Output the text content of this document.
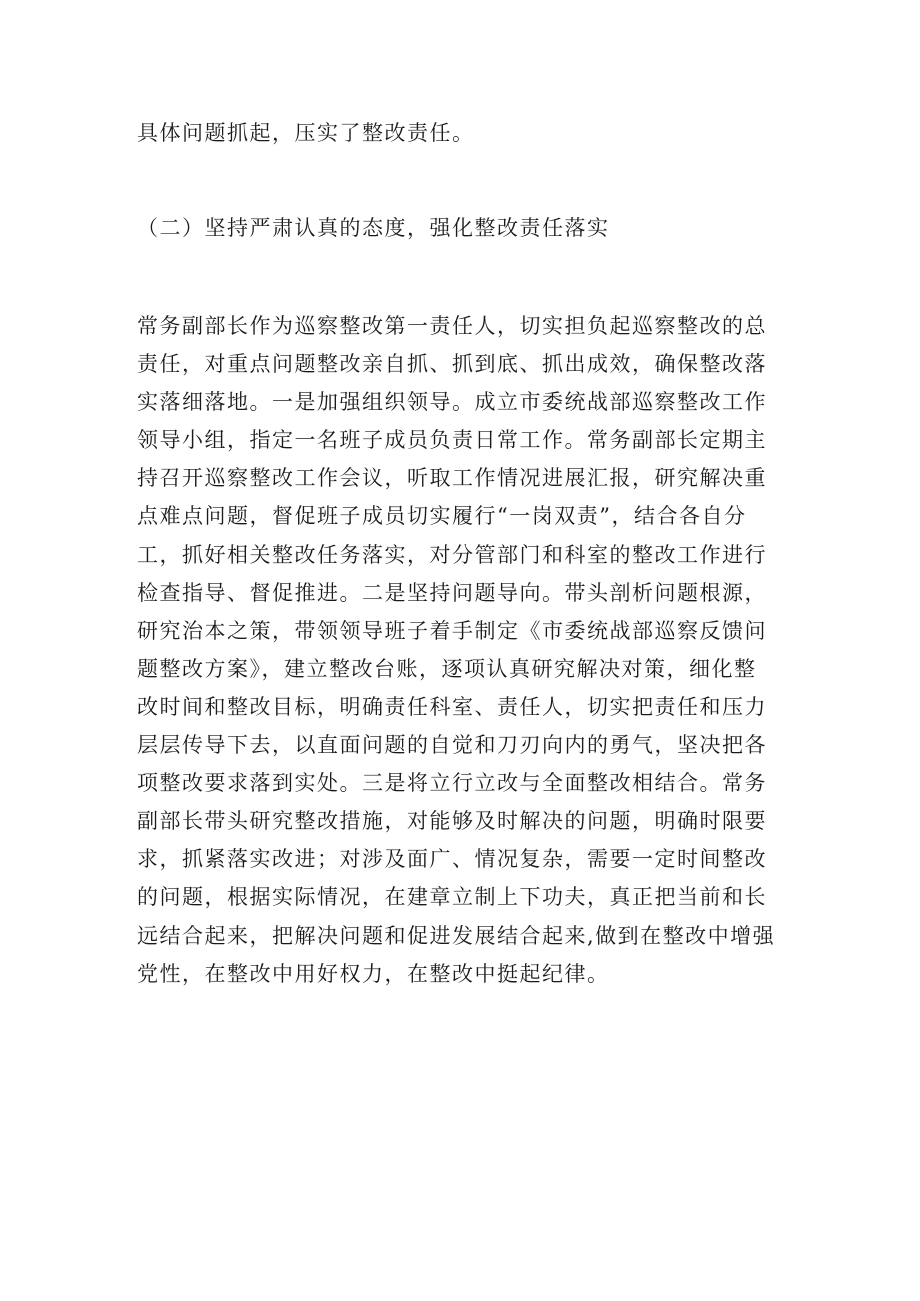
具体问题抓起，压实了整改责任。

（二）坚持严肃认真的态度，强化整改责任落实

常务副部长作为巡察整改第一责任人，切实担负起巡察整改的总
责任，对重点问题整改亲自抓、抓到底、抓出成效，确保整改落
实落细落地。一是加强组织领导。成立市委统战部巡察整改工作
领导小组，指定一名班子成员负责日常工作。常务副部长定期主
持召开巡察整改工作会议，听取工作情况进展汇报，研究解决重
点难点问题，督促班子成员切实履行“一岗双责”，结合各自分
工，抓好相关整改任务落实，对分管部门和科室的整改工作进行
检查指导、督促推进。二是坚持问题导向。带头剖析问题根源，
研究治本之策，带领领导班子着手制定《市委统战部巡察反馈问
题整改方案》，建立整改台账，逐项认真研究解决对策，细化整
改时间和整改目标，明确责任科室、责任人，切实把责任和压力
层层传导下去，以直面问题的自觉和刀刃向内的勇气，坚决把各
项整改要求落到实处。三是将立行立改与全面整改相结合。常务
副部长带头研究整改措施，对能够及时解决的问题，明确时限要
求，抓紧落实改进；对涉及面广、情况复杂，需要一定时间整改
的问题，根据实际情况，在建章立制上下功夫，真正把当前和长
远结合起来，把解决问题和促进发展结合起来,做到在整改中增强
党性，在整改中用好权力，在整改中挺起纪律。
